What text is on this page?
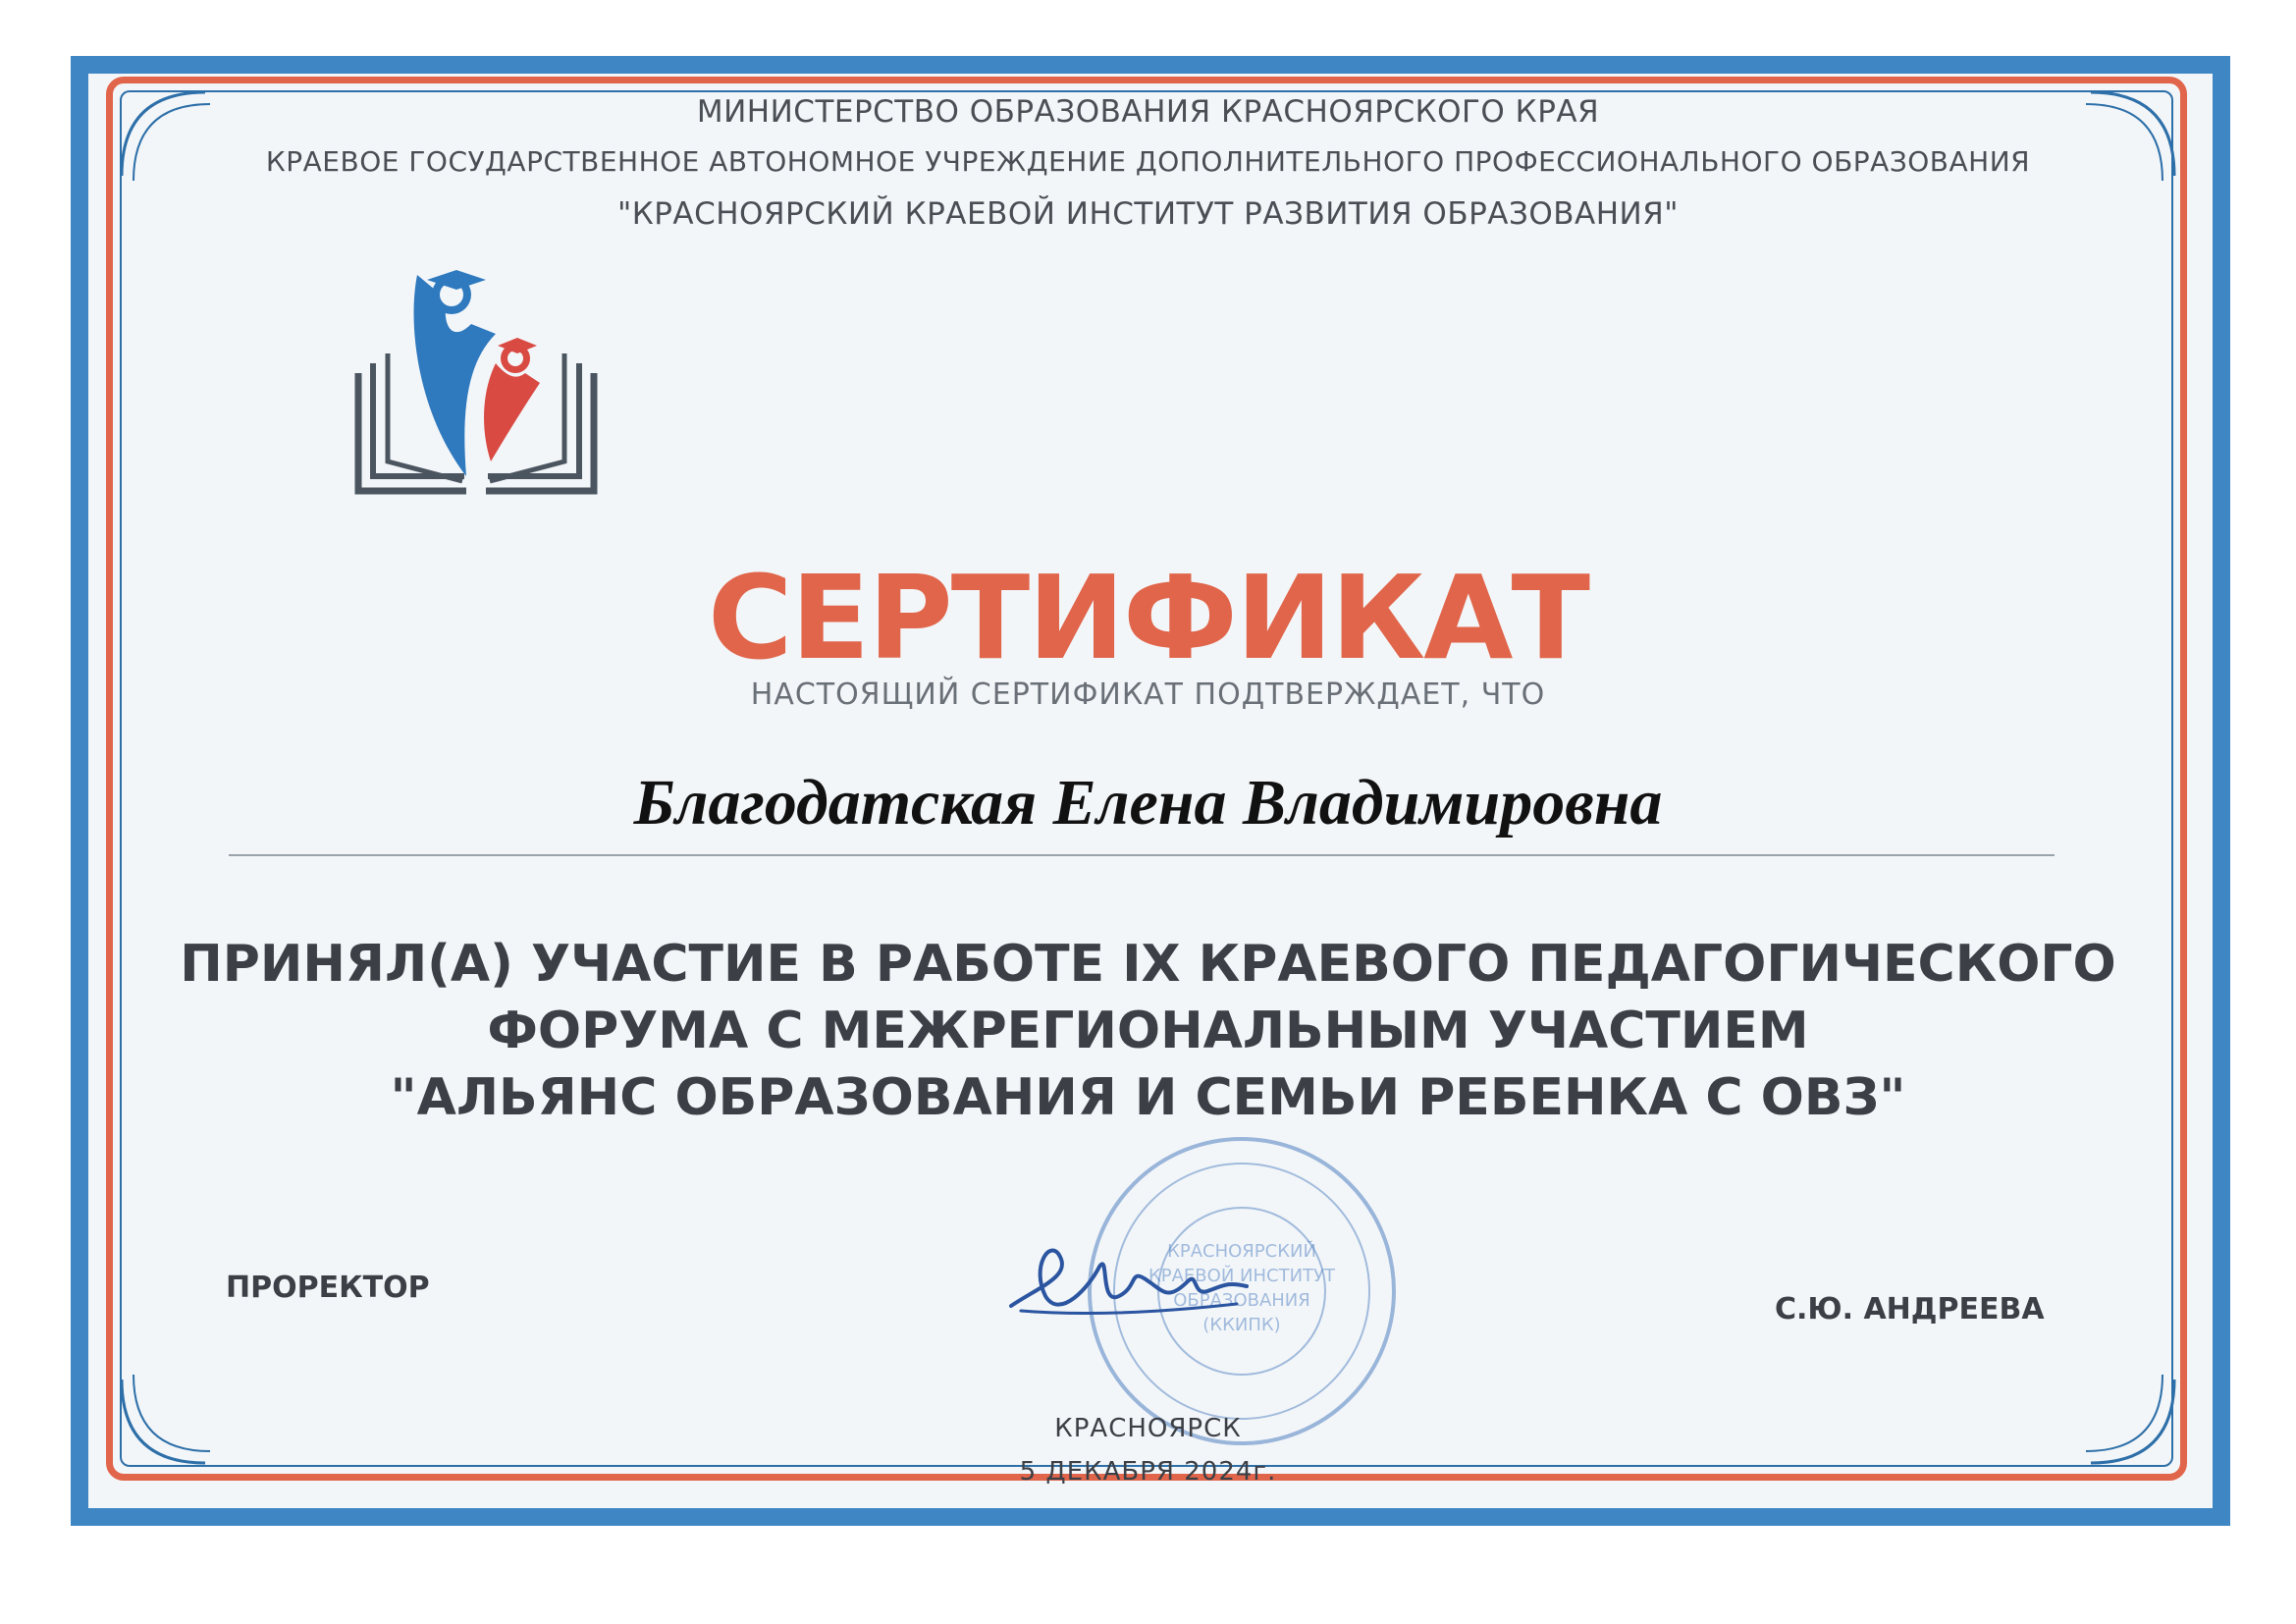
МИНИСТЕРСТВО ОБРАЗОВАНИЯ КРАСНОЯРСКОГО КРАЯ
КРАЕВОЕ ГОСУДАРСТВЕННОЕ АВТОНОМНОЕ УЧРЕЖДЕНИЕ ДОПОЛНИТЕЛЬНОГО ПРОФЕССИОНАЛЬНОГО ОБРАЗОВАНИЯ
"КРАСНОЯРСКИЙ КРАЕВОЙ ИНСТИТУТ РАЗВИТИЯ ОБРАЗОВАНИЯ"
СЕРТИФИКАТ
НАСТОЯЩИЙ СЕРТИФИКАТ ПОДТВЕРЖДАЕТ, ЧТО
Благодатская Елена Владимировна
ПРИНЯЛ(А) УЧАСТИЕ В РАБОТЕ IX КРАЕВОГО ПЕДАГОГИЧЕСКОГО
ФОРУМА С МЕЖРЕГИОНАЛЬНЫМ УЧАСТИЕМ
"АЛЬЯНС ОБРАЗОВАНИЯ И СЕМЬИ РЕБЕНКА С ОВЗ"
КРАСНОЯРСКИЙ
КРАЕВОЙ ИНСТИТУТ
ОБРАЗОВАНИЯ
(ККИПК)
ПРОРЕКТОР
С.Ю. АНДРЕЕВА
КРАСНОЯРСК
5 ДЕКАБРЯ 2024г.
